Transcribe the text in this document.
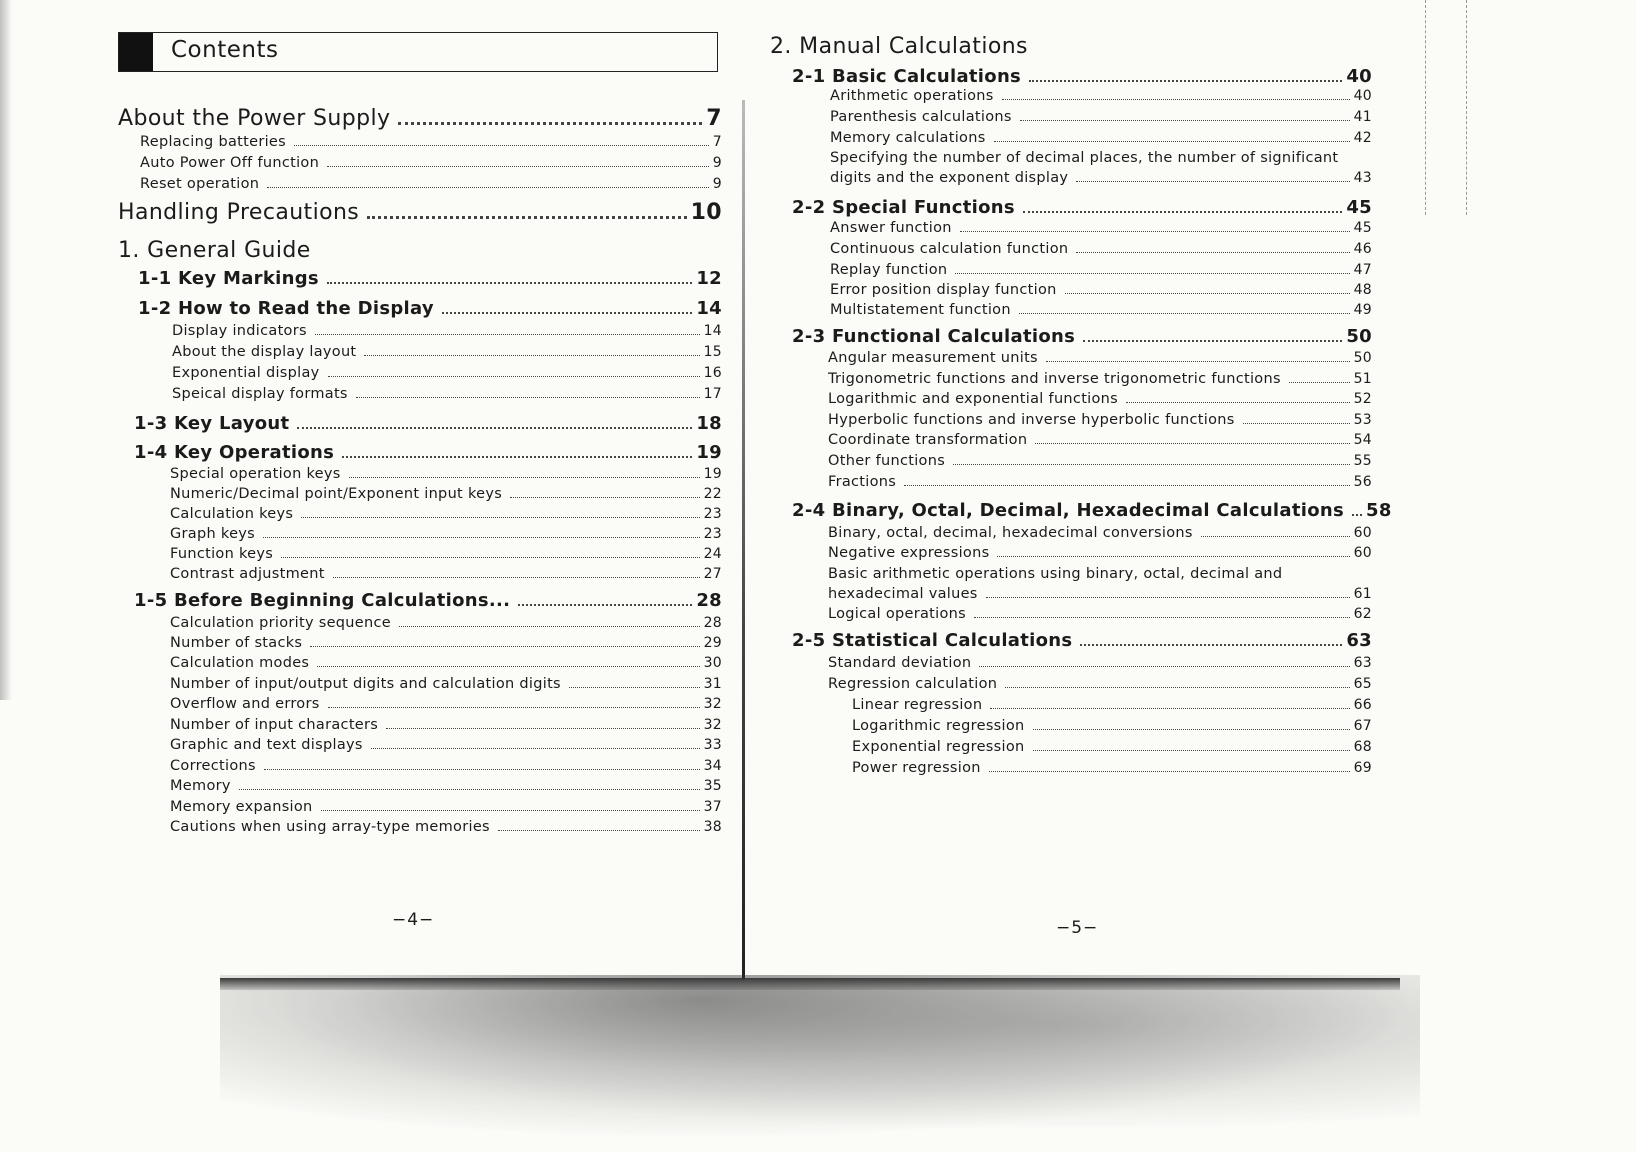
Contents
About the Power Supply	7
Replacing batteries	7
Auto Power Off function	9
Reset operation	9
Handling Precautions	10
1. General Guide
1-1 Key Markings	12
1-2 How to Read the Display	14
Display indicators	14
About the display layout	15
Exponential display	16
Speical display formats	17
1-3 Key Layout	18
1-4 Key Operations	19
Special operation keys	19
Numeric/Decimal point/Exponent input keys	22
Calculation keys	23
Graph keys	23
Function keys	24
Contrast adjustment	27
1-5 Before Beginning Calculations...	28
Calculation priority sequence	28
Number of stacks	29
Calculation modes	30
Number of input/output digits and calculation digits	31
Overflow and errors	32
Number of input characters	32
Graphic and text displays	33
Corrections	34
Memory	35
Memory expansion	37
Cautions when using array-type memories	38
−4−
2. Manual Calculations
2-1 Basic Calculations	40
Arithmetic operations	40
Parenthesis calculations	41
Memory calculations	42
Specifying the number of decimal places, the number of significant
digits and the exponent display	43
2-2 Special Functions	45
Answer function	45
Continuous calculation function	46
Replay function	47
Error position display function	48
Multistatement function	49
2-3 Functional Calculations	50
Angular measurement units	50
Trigonometric functions and inverse trigonometric functions	51
Logarithmic and exponential functions	52
Hyperbolic functions and inverse hyperbolic functions	53
Coordinate transformation	54
Other functions	55
Fractions	56
2-4 Binary, Octal, Decimal, Hexadecimal Calculations 58
Binary, octal, decimal, hexadecimal conversions	60
Negative expressions	60
Basic arithmetic operations using binary, octal, decimal and
hexadecimal values	61
Logical operations	62
2-5 Statistical Calculations	63
Standard deviation	63
Regression calculation	65
Linear regression	66
Logarithmic regression	67
Exponential regression	68
Power regression	69
−5−
